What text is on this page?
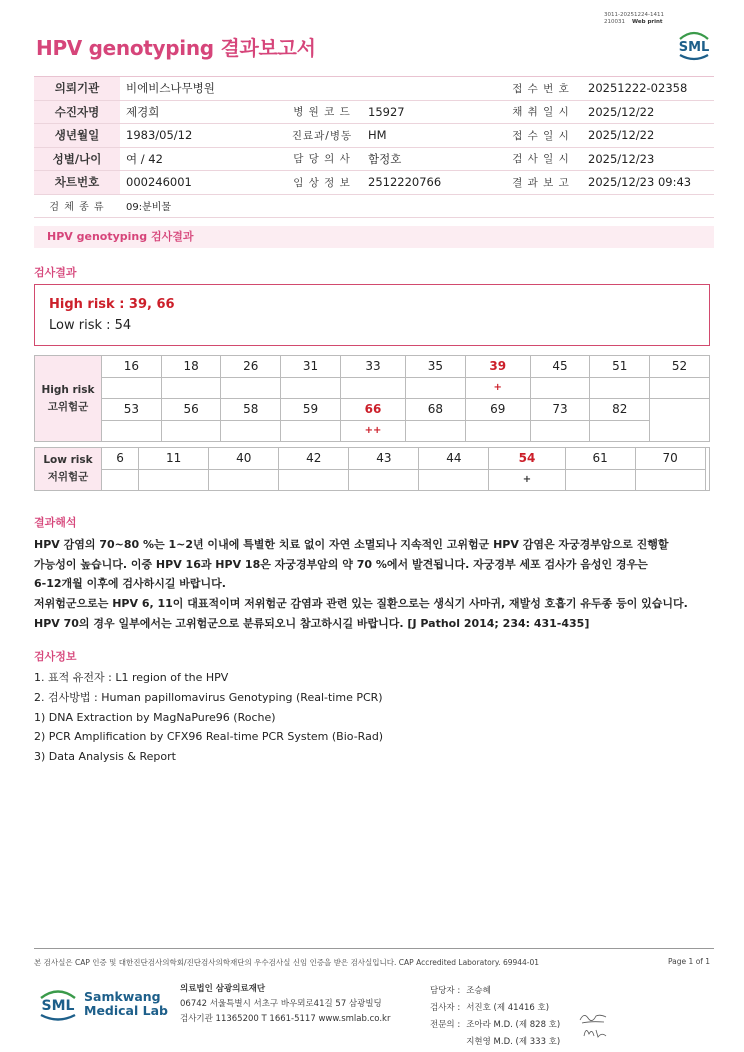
3011-20251224-1411
210031 Web print
HPV genotyping 결과보고서	SML
의뢰기관	비에비스나무병원			접 수 번 호	20251222-02358
수진자명	제경희	병 원 코 드	15927	채 취 일 시	2025/12/22
생년월일	1983/05/12	진료과/병동	HM	접 수 일 시	2025/12/22
성별/나이	여 / 42	담 당 의 사	함정호	검 사 일 시	2025/12/23
차트번호	000246001	임 상 정 보	2512220766	결 과 보 고	2025/12/23 09:43
검 체 종 류	09:분비물				
HPV genotyping 검사결과
검사결과
High risk : 39, 66
Low risk : 54
High risk
고위험군	16	18	26	31	33	35	39	45	51	52
							+			
	53	56	58	59	66	68	69	73	82	
					++					
Low risk
저위험군	6	11	40	42	43	44	54	61	70	
							+			
결과해석
HPV 감염의 70~80 %는 1~2년 이내에 특별한 치료 없이 자연 소멸되나 지속적인 고위험군 HPV 감염은 자궁경부암으로 진행할
가능성이 높습니다. 이중 HPV 16과 HPV 18은 자궁경부암의 약 70 %에서 발견됩니다. 자궁경부 세포 검사가 음성인 경우는
6-12개월 이후에 검사하시길 바랍니다.
저위험군으로는 HPV 6, 11이 대표적이며 저위험군 감염과 관련 있는 질환으로는 생식기 사마귀, 재발성 호흡기 유두종 등이 있습니다.
HPV 70의 경우 일부에서는 고위험군으로 분류되오니 참고하시길 바랍니다. [J Pathol 2014; 234: 431-435]
검사정보
1. 표적 유전자 : L1 region of the HPV
2. 검사방법 : Human papillomavirus Genotyping (Real-time PCR)
1) DNA Extraction by MagNaPure96 (Roche)
2) PCR Amplification by CFX96 Real-time PCR System (Bio-Rad)
3) Data Analysis & Report
본 검사실은 CAP 인증 및 대한진단검사의학회/진단검사의학재단의 우수검사실 신임 인증을 받은 검사실입니다. CAP Accredited Laboratory. 69944-01	Page 1 of 1
SML
Samkwang
Medical Lab
의료법인 삼광의료재단
06742 서울특별시 서초구 바우뫼로41길 57 삼광빌딩
검사기관 11365200 T 1661-5117 www.smlab.co.kr
담당자 :	조승혜
검사자 :	서진호 (제 41416 호)
전문의 :	조아라 M.D. (제 828 호)
	지현영 M.D. (제 333 호)
